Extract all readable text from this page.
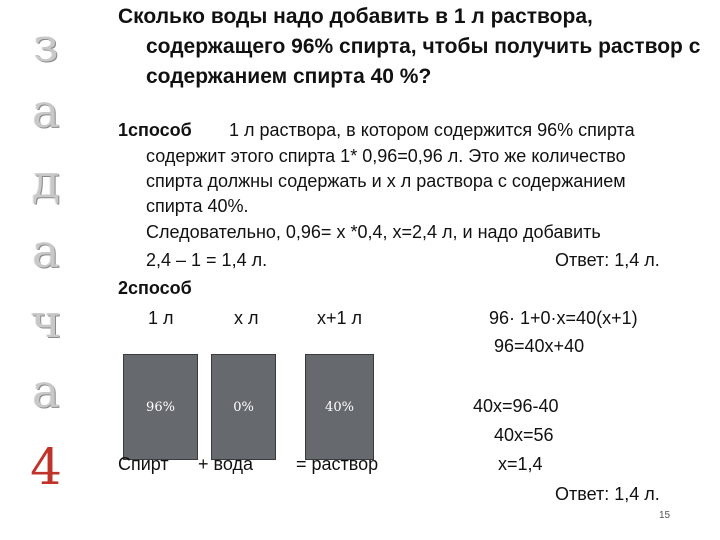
з
а
д
а
ч
а
4
Сколько воды надо добавить в 1 л раствора,
содержащего 96% спирта, чтобы получить раствор с
содержанием спирта 40 %?
1способ 1 л раствора, в котором содержится 96% спирта
содержит этого спирта 1* 0,96=0,96 л. Это же количество
спирта должны содержать и х л раствора с содержанием
спирта 40%.
Следовательно, 0,96= х *0,4, х=2,4 л, и надо добавить
2,4 – 1 = 1,4 л.	Ответ: 1,4 л.
2способ
1 л	х л	х+1 л	96· 1+0·х=40(х+1)
96=40х+40
96%	0%	40%
Спирт + вода = раствор
40х=96-40
40х=56
х=1,4
Ответ: 1,4 л.
15
